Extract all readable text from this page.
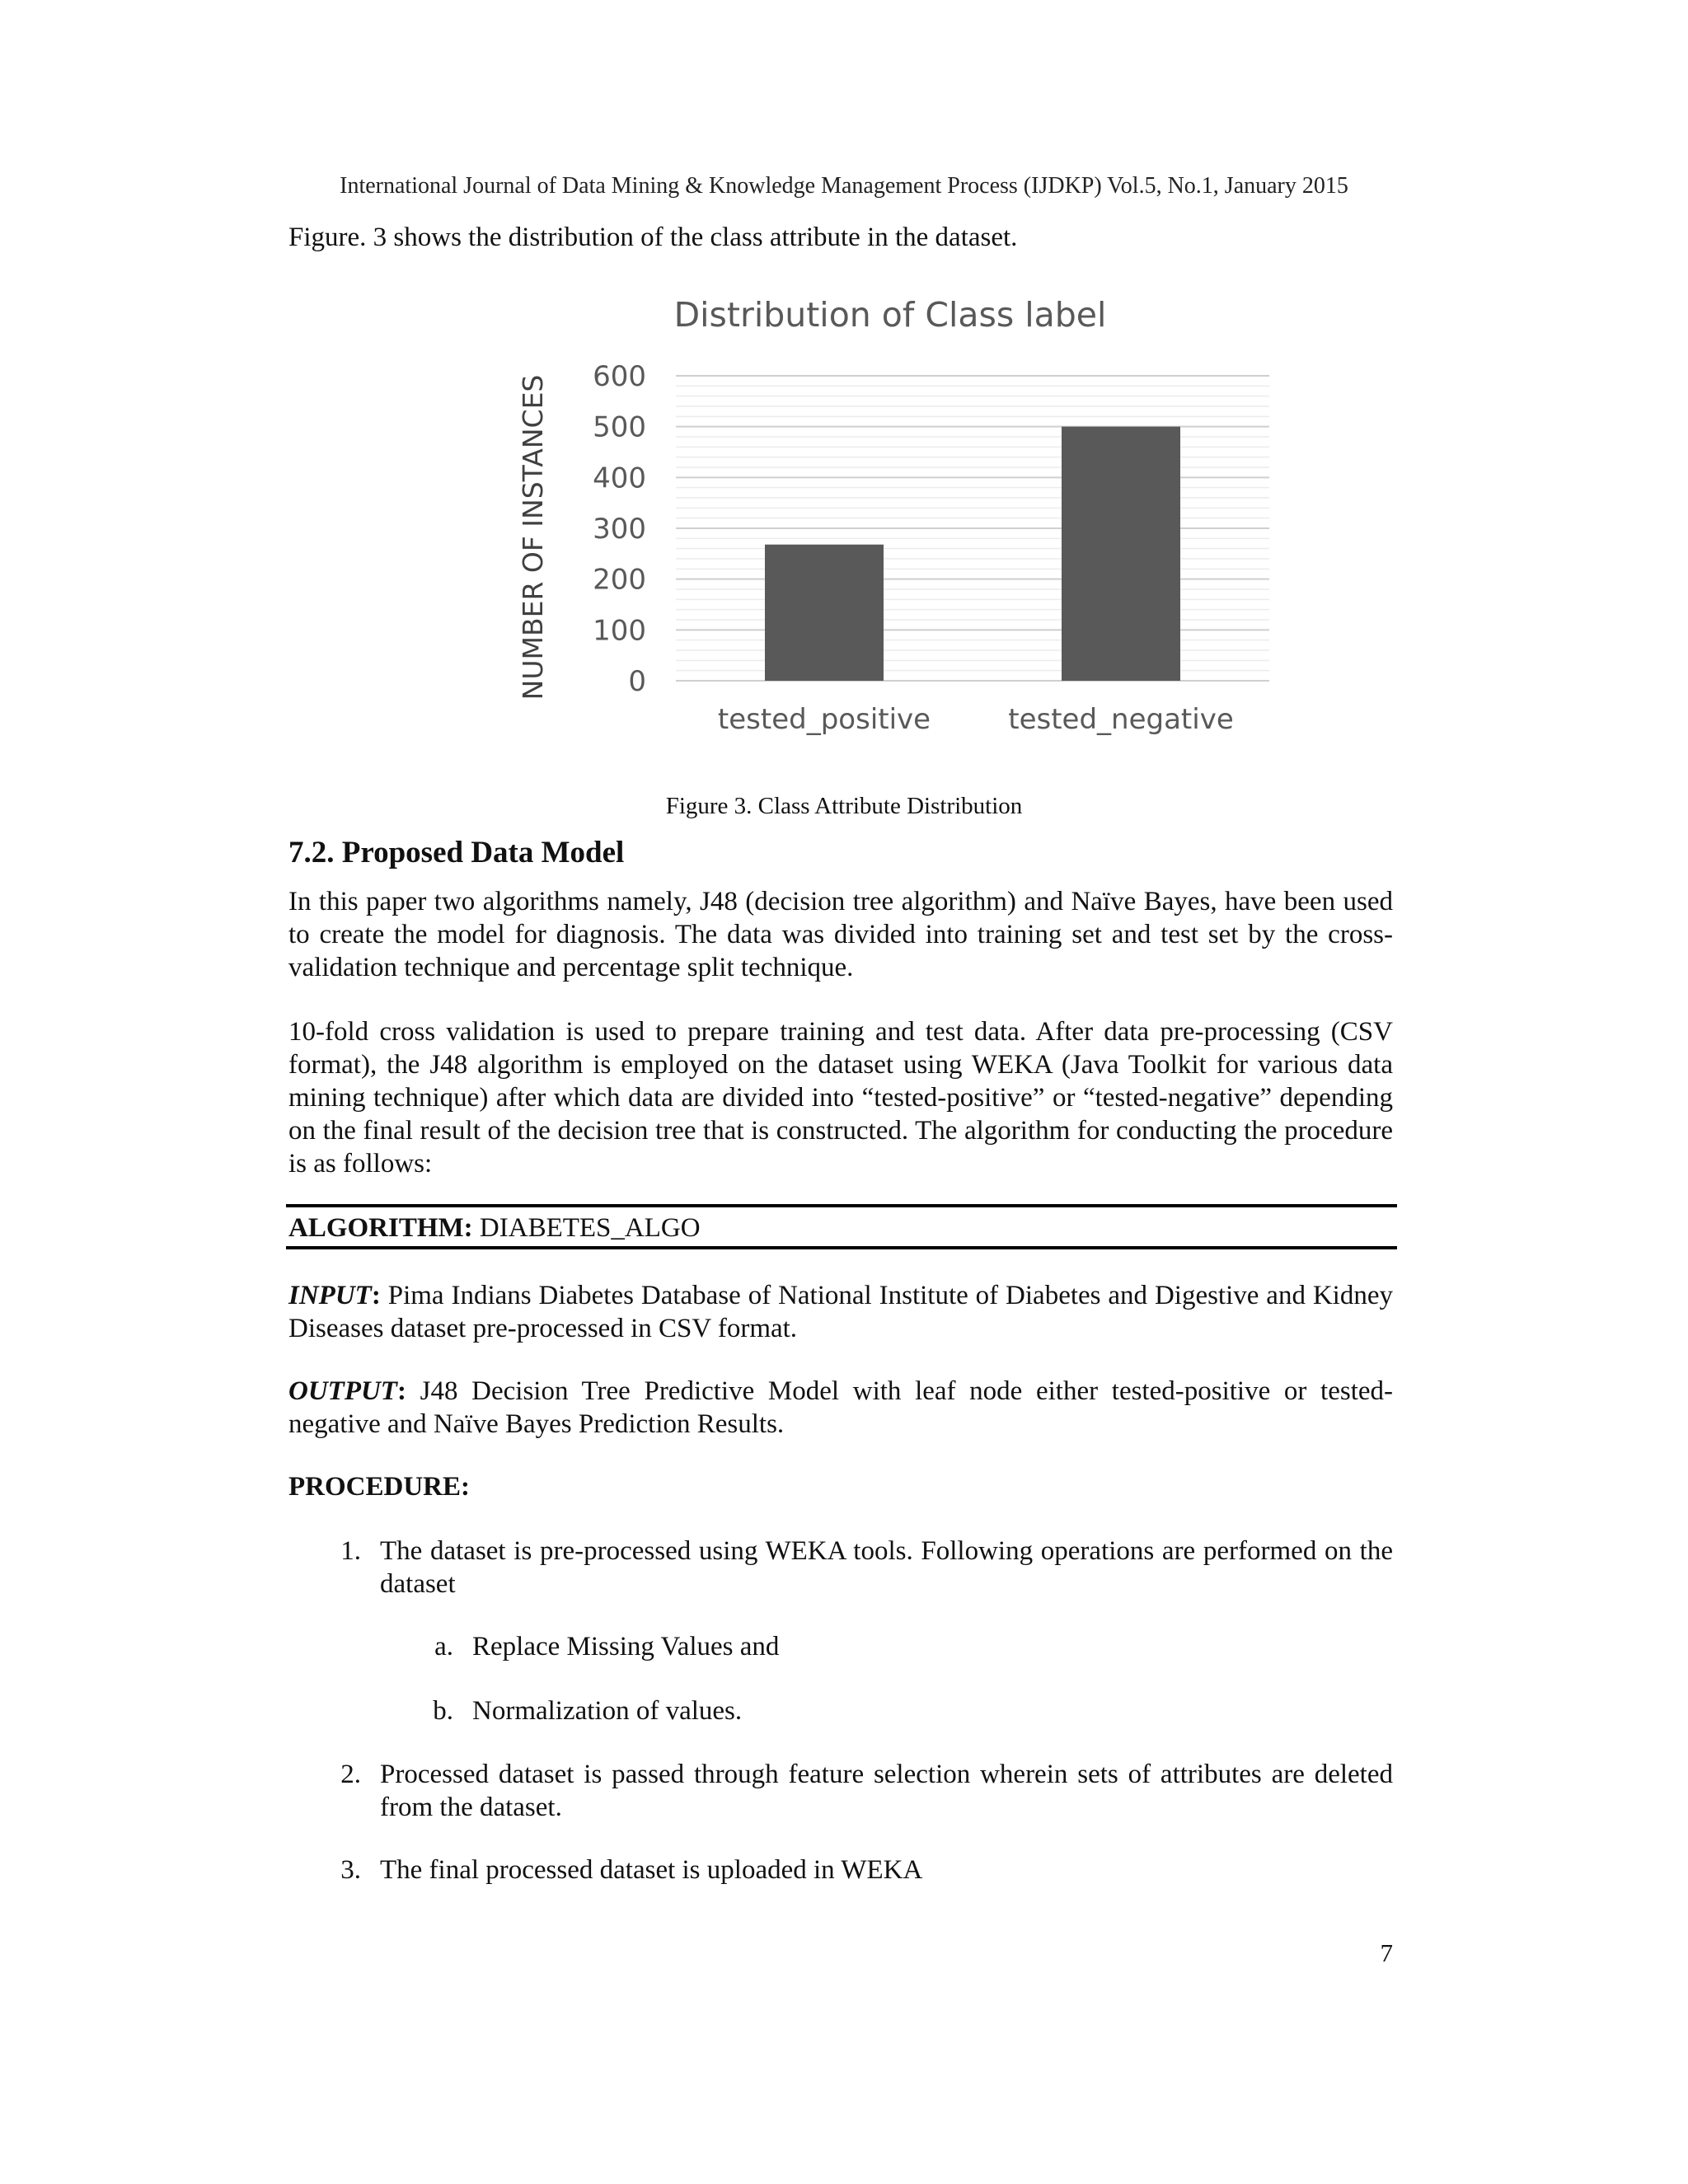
International Journal of Data Mining & Knowledge Management Process (IJDKP) Vol.5, No.1, January 2015

Figure. 3 shows the distribution of the class attribute in the dataset.

Distribution of Class label
NUMBER OF INSTANCES	0
100
200
300
400
500
600
tested_positive	tested_negative
Figure 3. Class Attribute Distribution
7.2. Proposed Data Model

In this paper two algorithms namely, J48 (decision tree algorithm) and Naïve Bayes, have been used to create the model for diagnosis. The data was divided into training set and test set by the cross-validation technique and percentage split technique.

10-fold cross validation is used to prepare training and test data. After data pre-processing (CSV format), the J48 algorithm is employed on the dataset using WEKA (Java Toolkit for various data mining technique) after which data are divided into “tested-positive” or “tested-negative” depending on the final result of the decision tree that is constructed. The algorithm for conducting the procedure is as follows:

ALGORITHM: DIABETES_ALGO

INPUT: Pima Indians Diabetes Database of National Institute of Diabetes and Digestive and Kidney Diseases dataset pre-processed in CSV format.

OUTPUT: J48 Decision Tree Predictive Model with leaf node either tested-positive or tested-negative and Naïve Bayes Prediction Results.

PROCEDURE:

1. The dataset is pre-processed using WEKA tools. Following operations are performed on the dataset

a. Replace Missing Values and

b. Normalization of values.

2. Processed dataset is passed through feature selection wherein sets of attributes are deleted from the dataset.

3. The final processed dataset is uploaded in WEKA

7
